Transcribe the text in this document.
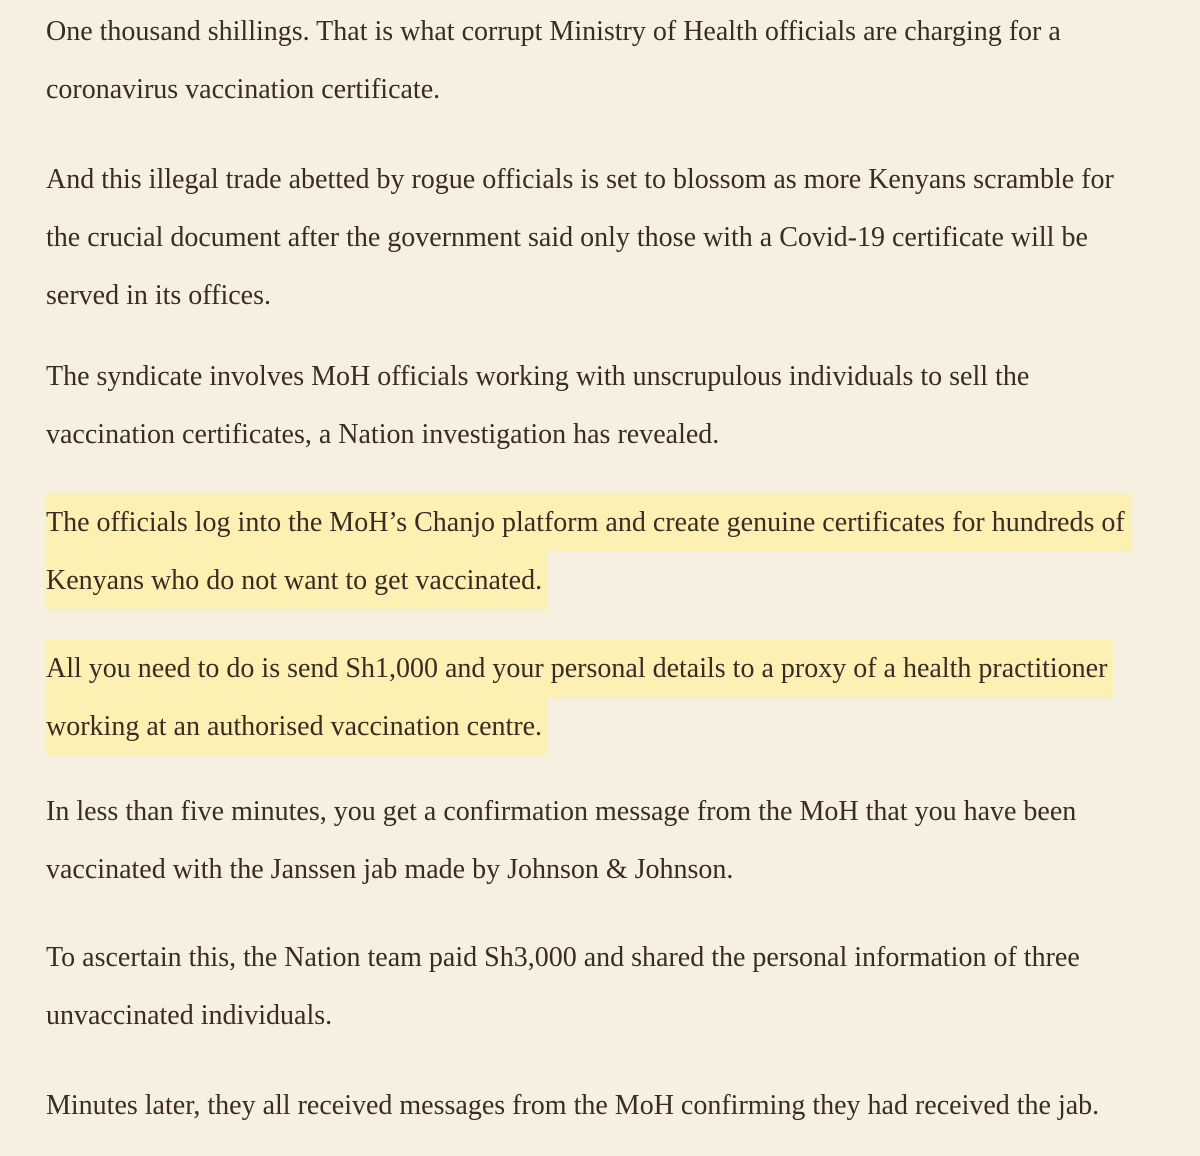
One thousand shillings. That is what corrupt Ministry of Health officials are charging for a
coronavirus vaccination certificate.

And this illegal trade abetted by rogue officials is set to blossom as more Kenyans scramble for
the crucial document after the government said only those with a Covid-19 certificate will be
served in its offices.

The syndicate involves MoH officials working with unscrupulous individuals to sell the
vaccination certificates, a Nation investigation has revealed.

The officials log into the MoH’s Chanjo platform and create genuine certificates for hundreds of
Kenyans who do not want to get vaccinated.

All you need to do is send Sh1,000 and your personal details to a proxy of a health practitioner
working at an authorised vaccination centre.

In less than five minutes, you get a confirmation message from the MoH that you have been
vaccinated with the Janssen jab made by Johnson & Johnson.

To ascertain this, the Nation team paid Sh3,000 and shared the personal information of three
unvaccinated individuals.

Minutes later, they all received messages from the MoH confirming they had received the jab.
